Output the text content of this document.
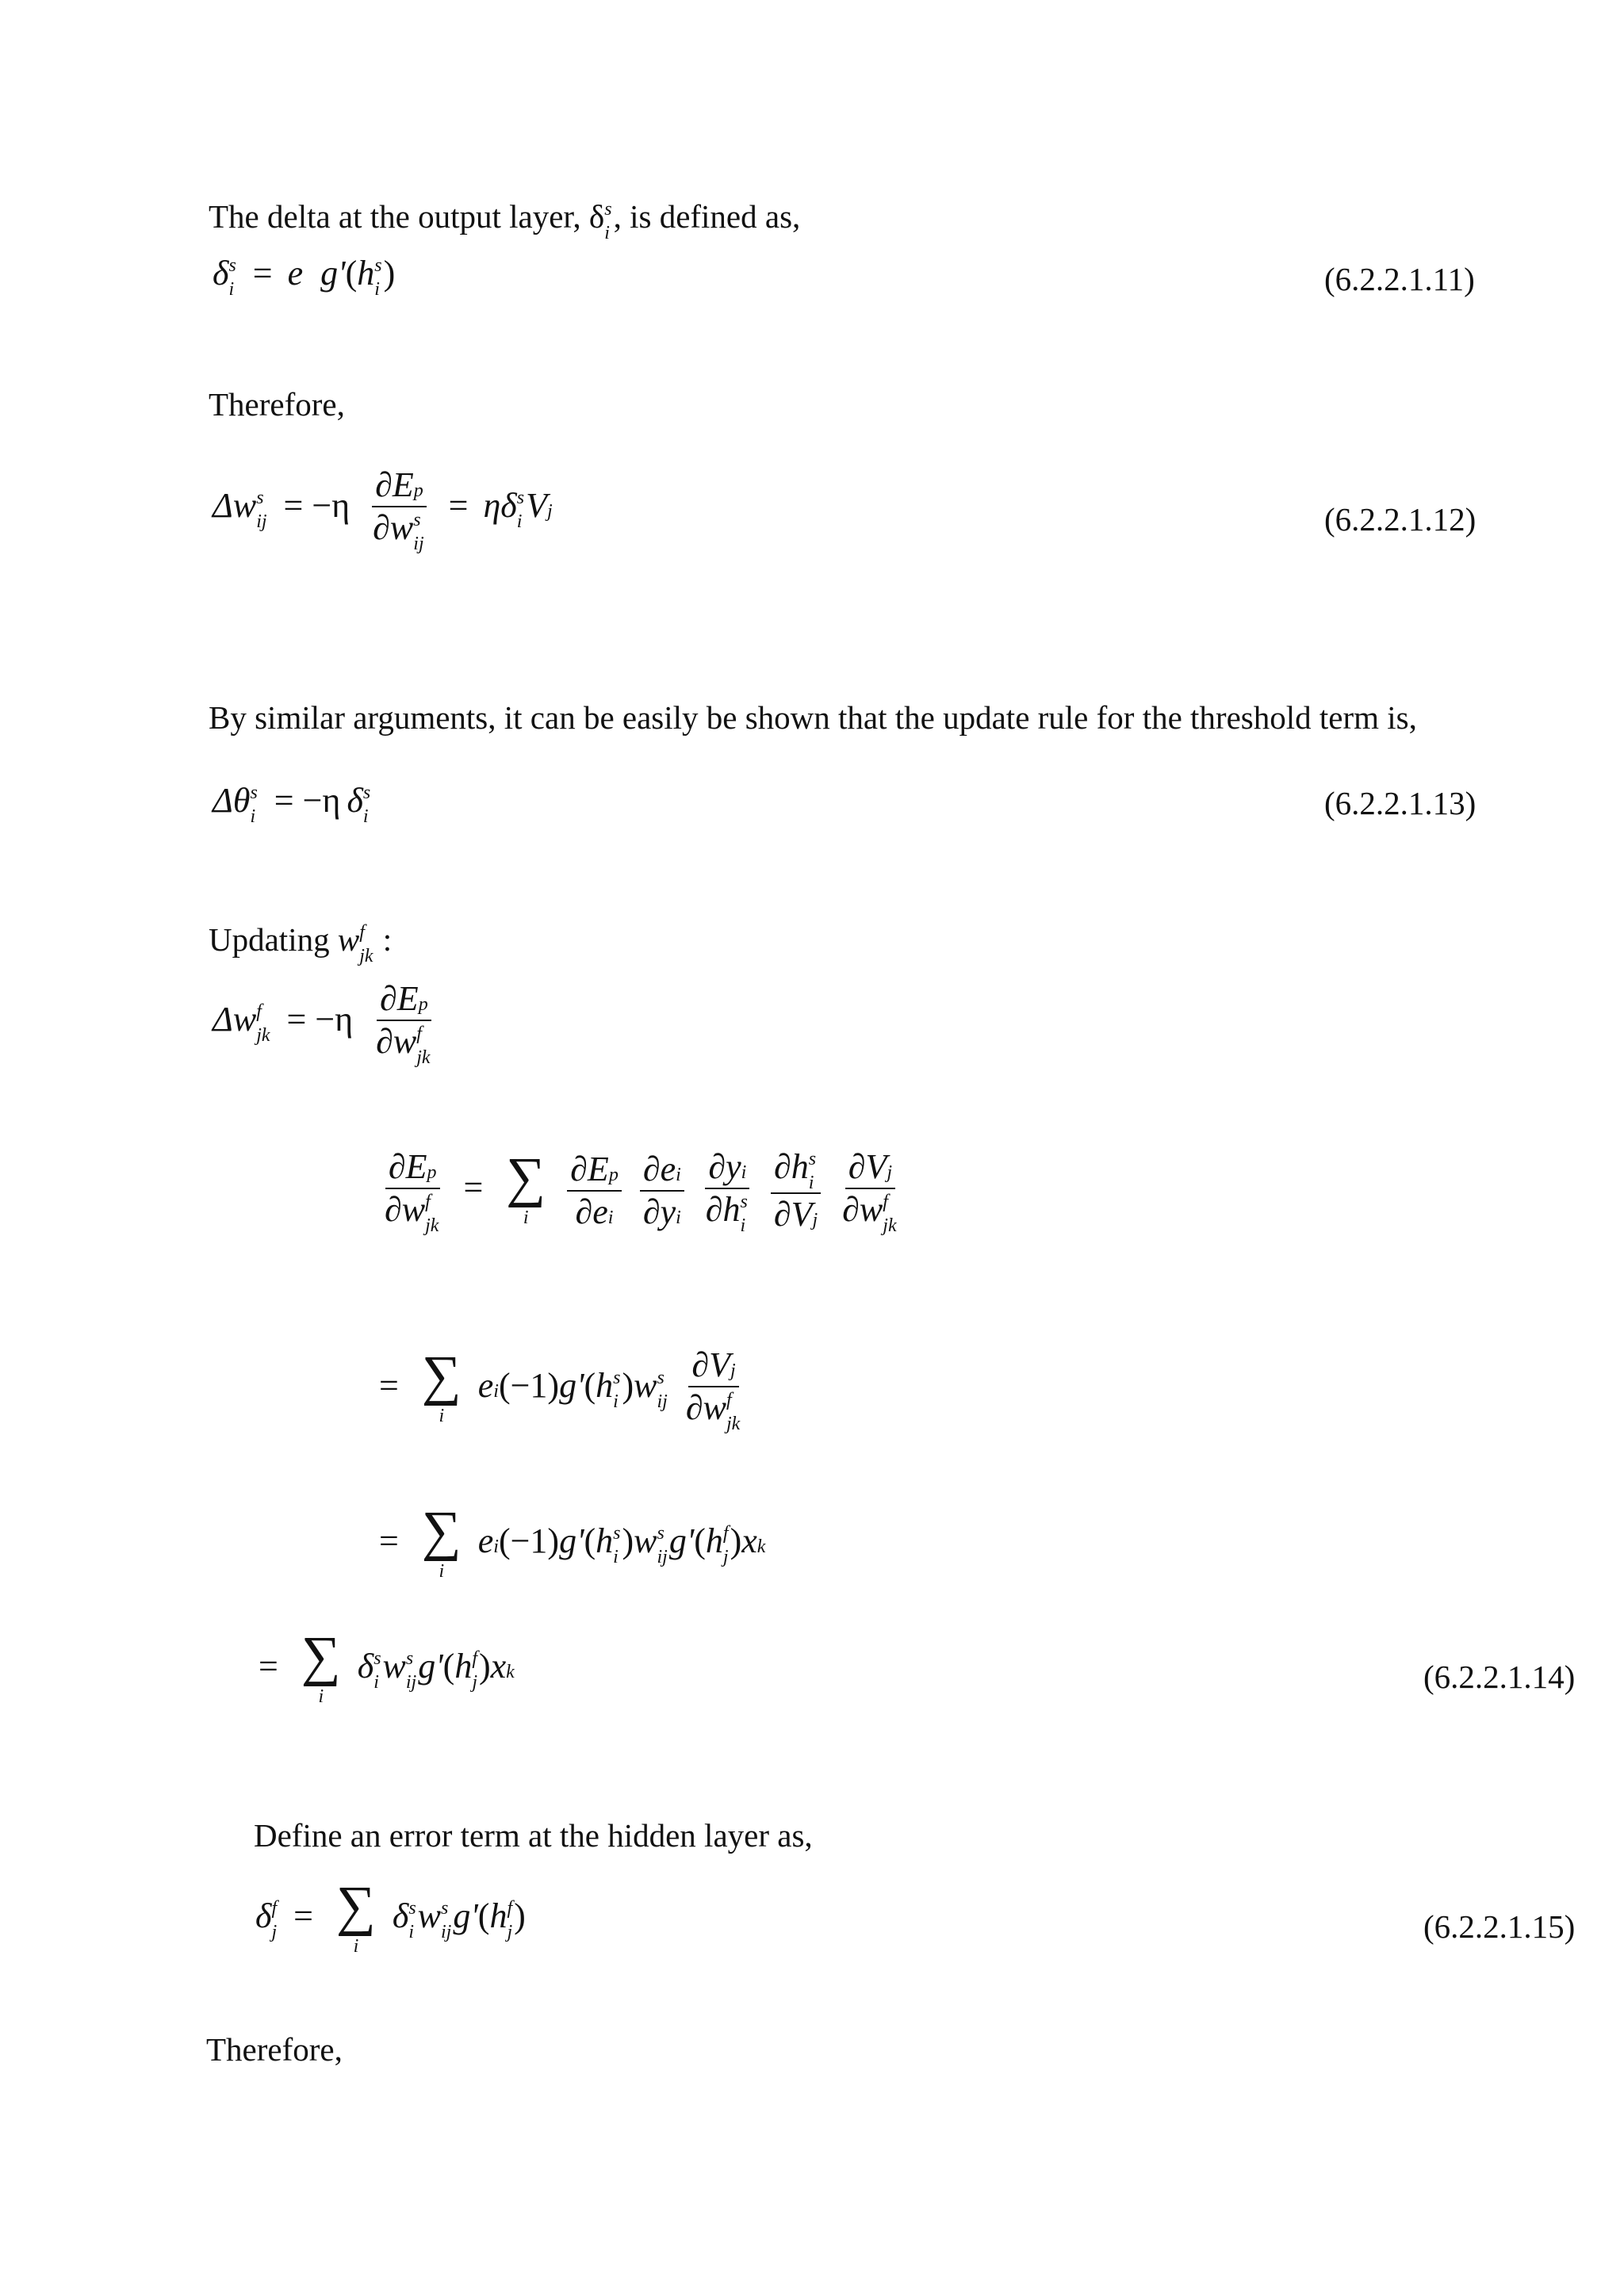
The delta at the output layer, δ s
i , is defined as,
δ s
i = e g'(h s
i )	(6.2.2.1.11)
Therefore,
Δw s
ij = −η ∂Ep
∂w s
ij = ηδ s
i Vj	(6.2.2.1.12)
By similar arguments, it can be easily be shown that the update rule for the threshold term is,
Δθ s
i = −η δ s
i	(6.2.2.1.13)
Updating w f
jk :
Δw f
jk = −η ∂Ep
∂w f
jk
∂Ep
∂w f
jk = ∑
i
$\frac{\partial Ep}{\partial ei}$
$\frac{\partial ei}{\partial yi}$
∂yi
∂h s
i
∂h s
i
∂Vj
∂Vj
∂w f
jk
= ∑
i
ei(−1)g'(h s
i )w s
ij
∂Vj
∂w f
jk
= ∑
i
ei(−1)g'(h s
i )w s
ij g'(h f
j )xk
= ∑
i
δ s
i w s
ij g'(h f
j )xk	(6.2.2.1.14)
Define an error term at the hidden layer as,
δ f
j = ∑
i
δ s
i w s
ij g'(h f
j )	(6.2.2.1.15)
Therefore,
